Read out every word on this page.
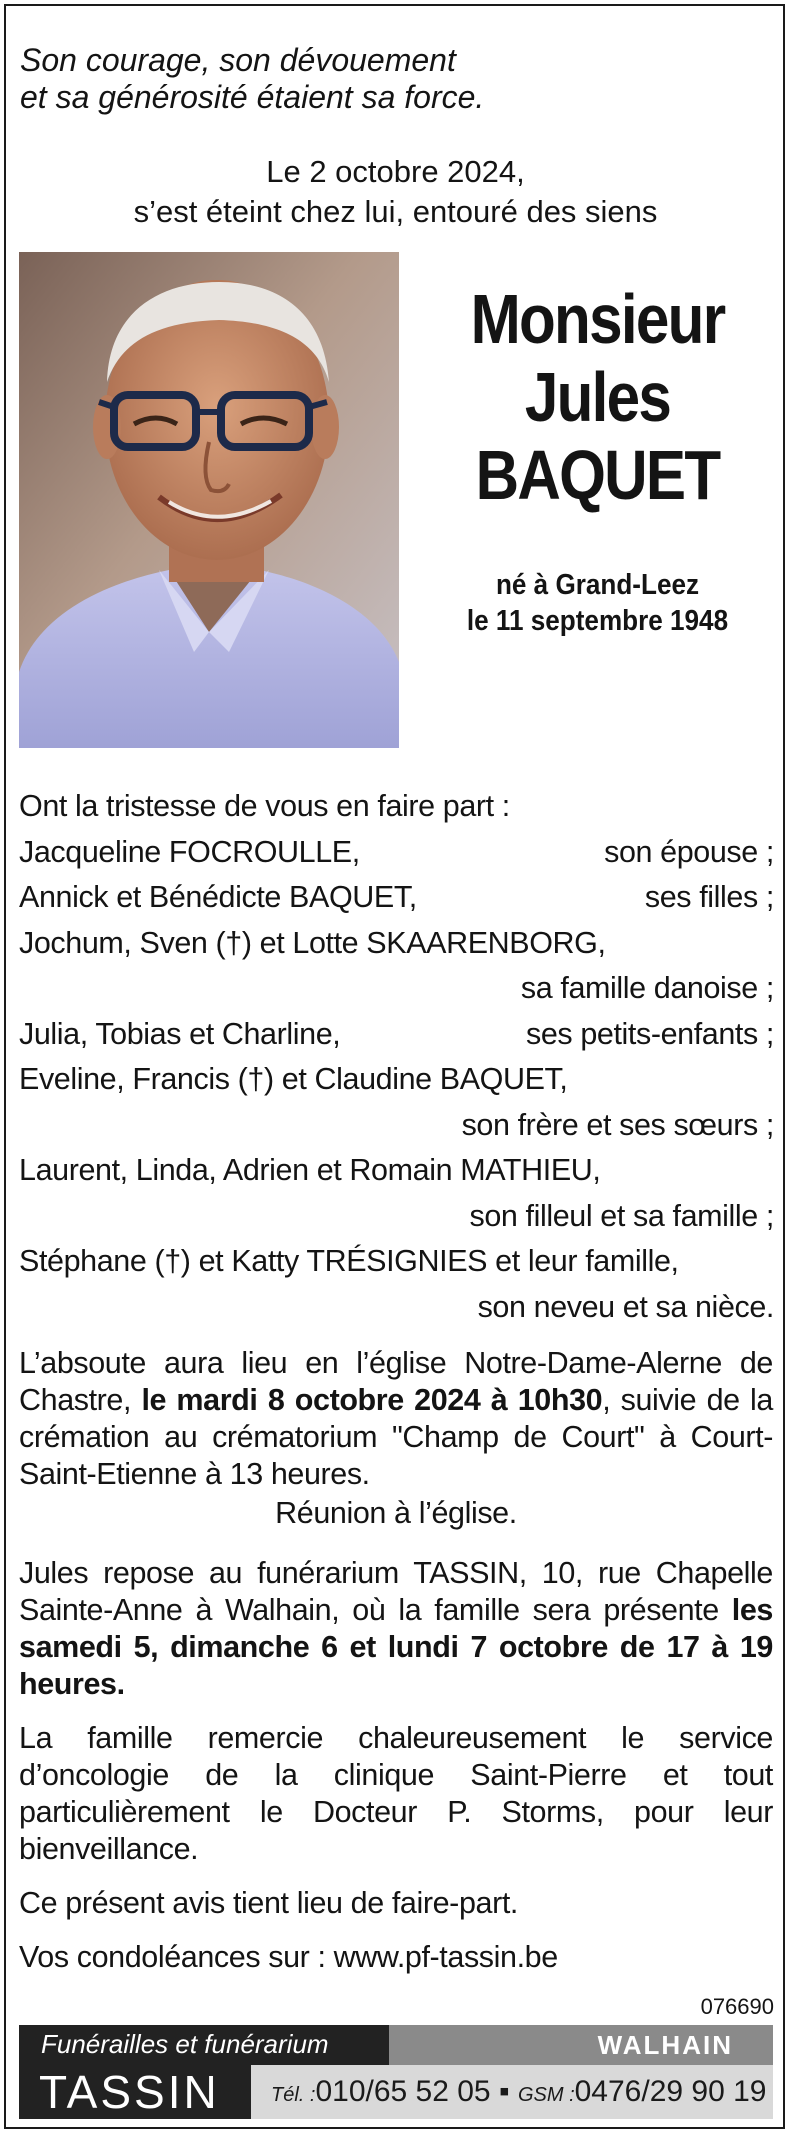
Son courage, son dévouement
et sa générosité étaient sa force.
Le 2 octobre 2024,
s’est éteint chez lui, entouré des siens
Monsieur
Jules
BAQUET
né à Grand-Leez
le 11 septembre 1948
Ont la tristesse de vous en faire part :
Jacqueline FOCROULLE,	son épouse ;
Annick et Bénédicte BAQUET,	ses filles ;
Jochum, Sven (†) et Lotte SKAARENBORG,
sa famille danoise ;
Julia, Tobias et Charline,	ses petits-enfants ;
Eveline, Francis (†) et Claudine BAQUET,
son frère et ses sœurs ;
Laurent, Linda, Adrien et Romain MATHIEU,
son filleul et sa famille ;
Stéphane (†) et Katty TRÉSIGNIES et leur famille,
son neveu et sa nièce.
L’absoute aura lieu en l’église Notre-Dame-Alerne de Chastre, le mardi 8 octobre 2024 à 10h30, suivie de la crémation au crématorium "Champ de Court" à Court-Saint-Etienne à 13 heures.
Réunion à l’église.
Jules repose au funérarium TASSIN, 10, rue Chapelle Sainte-Anne à Walhain, où la famille sera présente les samedi 5, dimanche 6 et lundi 7 octobre de 17 à 19 heures.
La famille remercie chaleureusement le service d’oncologie de la clinique Saint-Pierre et tout particulièrement le Docteur P. Storms, pour leur bienveillance.
Ce présent avis tient lieu de faire-part.
Vos condoléances sur : www.pf-tassin.be
076690
Funérailles et funérarium	WALHAIN
TASSIN	Tél. :010/65 52 05 ▪ GSM :0476/29 90 19
